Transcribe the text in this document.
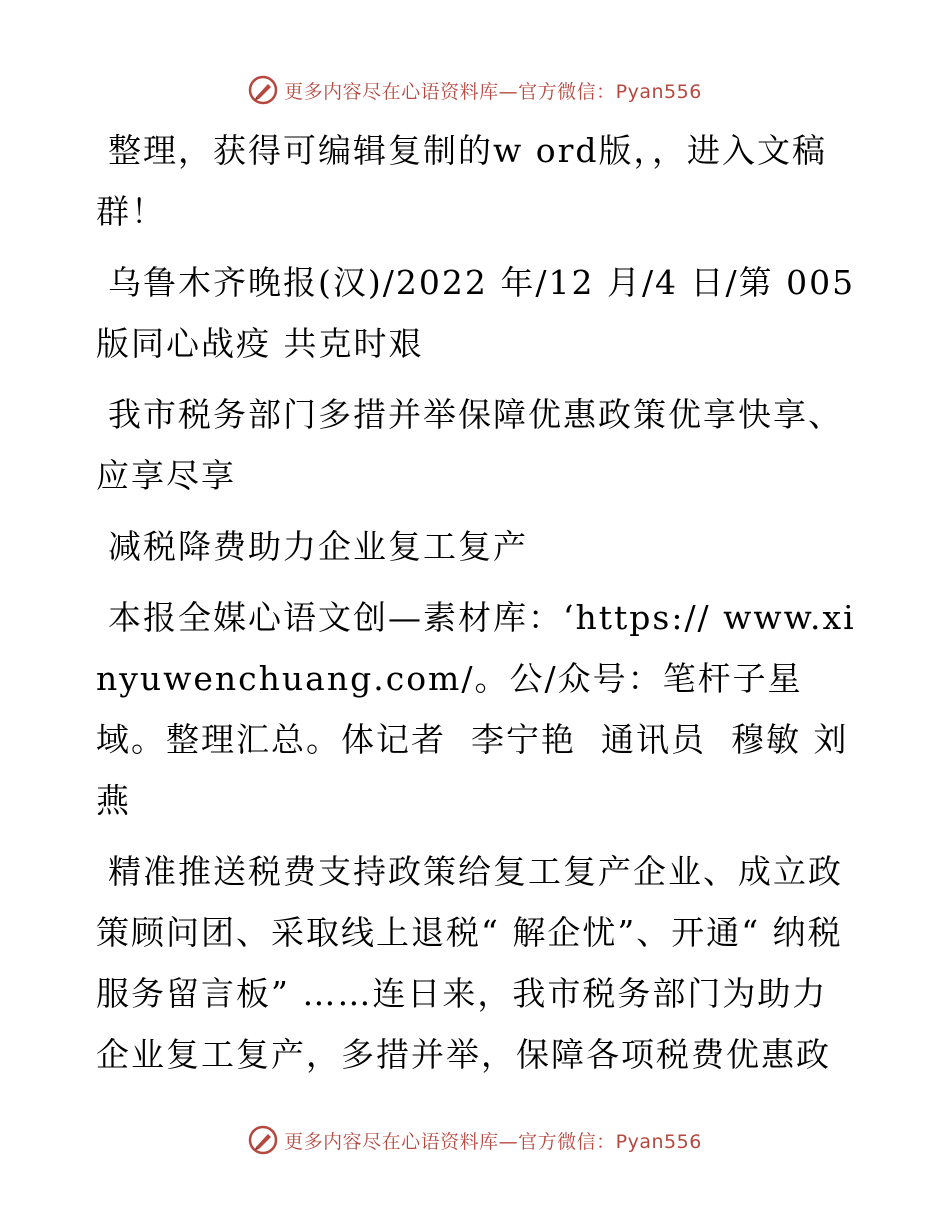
更多内容尽在心语资料库—官方微信：Pyan556

整理，获得可编辑复制的w ord版，，进入文稿群！

乌鲁木齐晚报(汉)/2022 年/12 月/4 日/第 005 版同心战疫 共克时艰

我市税务部门多措并举保障优惠政策优享快享、应享尽享

减税降费助力企业复工复产

本报全媒心语文创—素材库：‘https:// www.xinyuwenchuang.com/。公/众号：笔杆子星域。整理汇总。体记者  李宁艳  通讯员  穆敏 刘燕

精准推送税费支持政策给复工复产企业、成立政策顾问团、采取线上退税“ 解企忧”、开通“ 纳税服务留言板” ……连日来，我市税务部门为助力企业复工复产，多措并举，保障各项税费优惠政

更多内容尽在心语资料库—官方微信：Pyan556
